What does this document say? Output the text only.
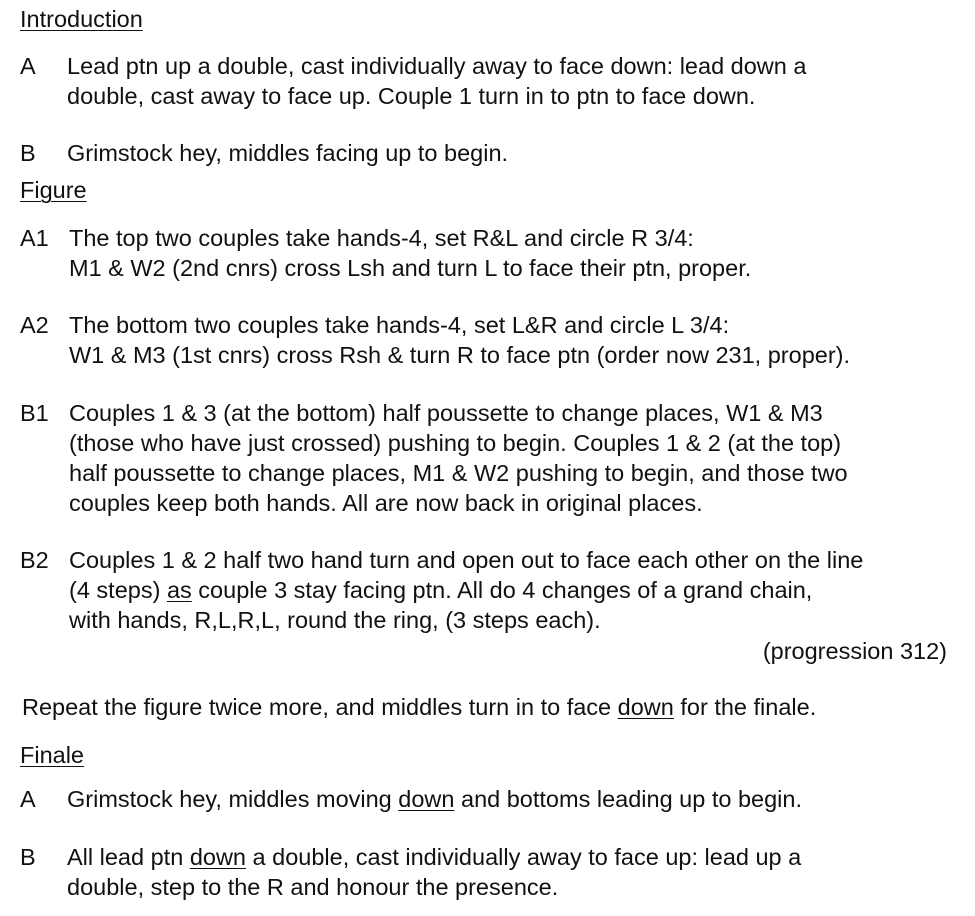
Introduction
A Lead ptn up a double, cast individually away to face down: lead down a
double, cast away to face up. Couple 1 turn in to ptn to face down.
B Grimstock hey, middles facing up to begin.
Figure
A1 The top two couples take hands-4, set R&L and circle R 3/4:
M1 & W2 (2nd cnrs) cross Lsh and turn L to face their ptn, proper.
A2 The bottom two couples take hands-4, set L&R and circle L 3/4:
W1 & M3 (1st cnrs) cross Rsh & turn R to face ptn (order now 231, proper).
B1 Couples 1 & 3 (at the bottom) half poussette to change places, W1 & M3
(those who have just crossed) pushing to begin. Couples 1 & 2 (at the top)
half poussette to change places, M1 & W2 pushing to begin, and those two
couples keep both hands. All are now back in original places.
B2 Couples 1 & 2 half two hand turn and open out to face each other on the line
(4 steps) as couple 3 stay facing ptn. All do 4 changes of a grand chain,
with hands, R,L,R,L, round the ring, (3 steps each).
(progression 312)
Repeat the figure twice more, and middles turn in to face down for the finale.
Finale
A Grimstock hey, middles moving down and bottoms leading up to begin.
B All lead ptn down a double, cast individually away to face up: lead up a
double, step to the R and honour the presence.
